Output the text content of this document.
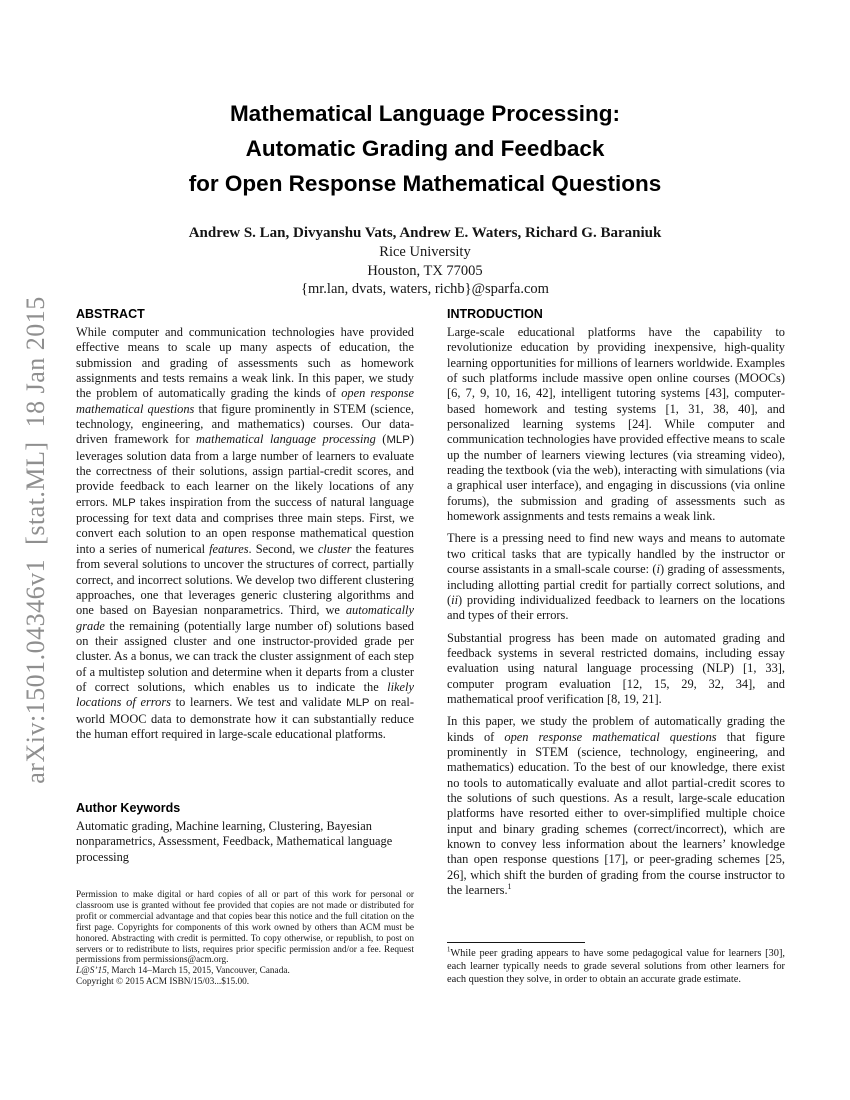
arXiv:1501.04346v1  [stat.ML]  18 Jan 2015
Mathematical Language Processing:
Automatic Grading and Feedback
for Open Response Mathematical Questions
Andrew S. Lan, Divyanshu Vats, Andrew E. Waters, Richard G. Baraniuk
Rice University
Houston, TX 77005
{mr.lan, dvats, waters, richb}@sparfa.com
ABSTRACT

While computer and communication technologies have provided effective means to scale up many aspects of education, the submission and grading of assessments such as homework assignments and tests remains a weak link. In this paper, we study the problem of automatically grading the kinds of open response mathematical questions that figure prominently in STEM (science, technology, engineering, and mathematics) courses. Our data-driven framework for mathematical language processing (MLP) leverages solution data from a large number of learners to evaluate the correctness of their solutions, assign partial-credit scores, and provide feedback to each learner on the likely locations of any errors. MLP takes inspiration from the success of natural language processing for text data and comprises three main steps. First, we convert each solution to an open response mathematical question into a series of numerical features. Second, we cluster the features from several solutions to uncover the structures of correct, partially correct, and incorrect solutions. We develop two different clustering approaches, one that leverages generic clustering algorithms and one based on Bayesian nonparametrics. Third, we automatically grade the remaining (potentially large number of) solutions based on their assigned cluster and one instructor-provided grade per cluster. As a bonus, we can track the cluster assignment of each step of a multistep solution and determine when it departs from a cluster of correct solutions, which enables us to indicate the likely locations of errors to learners. We test and validate MLP on real-world MOOC data to demonstrate how it can substantially reduce the human effort required in large-scale educational platforms.

Author Keywords

Automatic grading, Machine learning, Clustering, Bayesian nonparametrics, Assessment, Feedback, Mathematical language processing

Permission to make digital or hard copies of all or part of this work for personal or classroom use is granted without fee provided that copies are not made or distributed for profit or commercial advantage and that copies bear this notice and the full citation on the first page. Copyrights for components of this work owned by others than ACM must be honored. Abstracting with credit is permitted. To copy otherwise, or republish, to post on servers or to redistribute to lists, requires prior specific permission and/or a fee. Request permissions from permissions@acm.org.

L@S’15, March 14–March 15, 2015, Vancouver, Canada.

Copyright © 2015 ACM ISBN/15/03...$15.00.

INTRODUCTION

Large-scale educational platforms have the capability to revolutionize education by providing inexpensive, high-quality learning opportunities for millions of learners worldwide. Examples of such platforms include massive open online courses (MOOCs) [6, 7, 9, 10, 16, 42], intelligent tutoring systems [43], computer-based homework and testing systems [1, 31, 38, 40], and personalized learning systems [24]. While computer and communication technologies have provided effective means to scale up the number of learners viewing lectures (via streaming video), reading the textbook (via the web), interacting with simulations (via a graphical user interface), and engaging in discussions (via online forums), the submission and grading of assessments such as homework assignments and tests remains a weak link.

There is a pressing need to find new ways and means to automate two critical tasks that are typically handled by the instructor or course assistants in a small-scale course: (i) grading of assessments, including allotting partial credit for partially correct solutions, and (ii) providing individualized feedback to learners on the locations and types of their errors.

Substantial progress has been made on automated grading and feedback systems in several restricted domains, including essay evaluation using natural language processing (NLP) [1, 33], computer program evaluation [12, 15, 29, 32, 34], and mathematical proof verification [8, 19, 21].

In this paper, we study the problem of automatically grading the kinds of open response mathematical questions that figure prominently in STEM (science, technology, engineering, and mathematics) education. To the best of our knowledge, there exist no tools to automatically evaluate and allot partial-credit scores to the solutions of such questions. As a result, large-scale education platforms have resorted either to over-simplified multiple choice input and binary grading schemes (correct/incorrect), which are known to convey less information about the learners’ knowledge than open response questions [17], or peer-grading schemes [25, 26], which shift the burden of grading from the course instructor to the learners.$^1$

$^1$While peer grading appears to have some pedagogical value for learners [30], each learner typically needs to grade several solutions from other learners for each question they solve, in order to obtain an accurate grade estimate.
